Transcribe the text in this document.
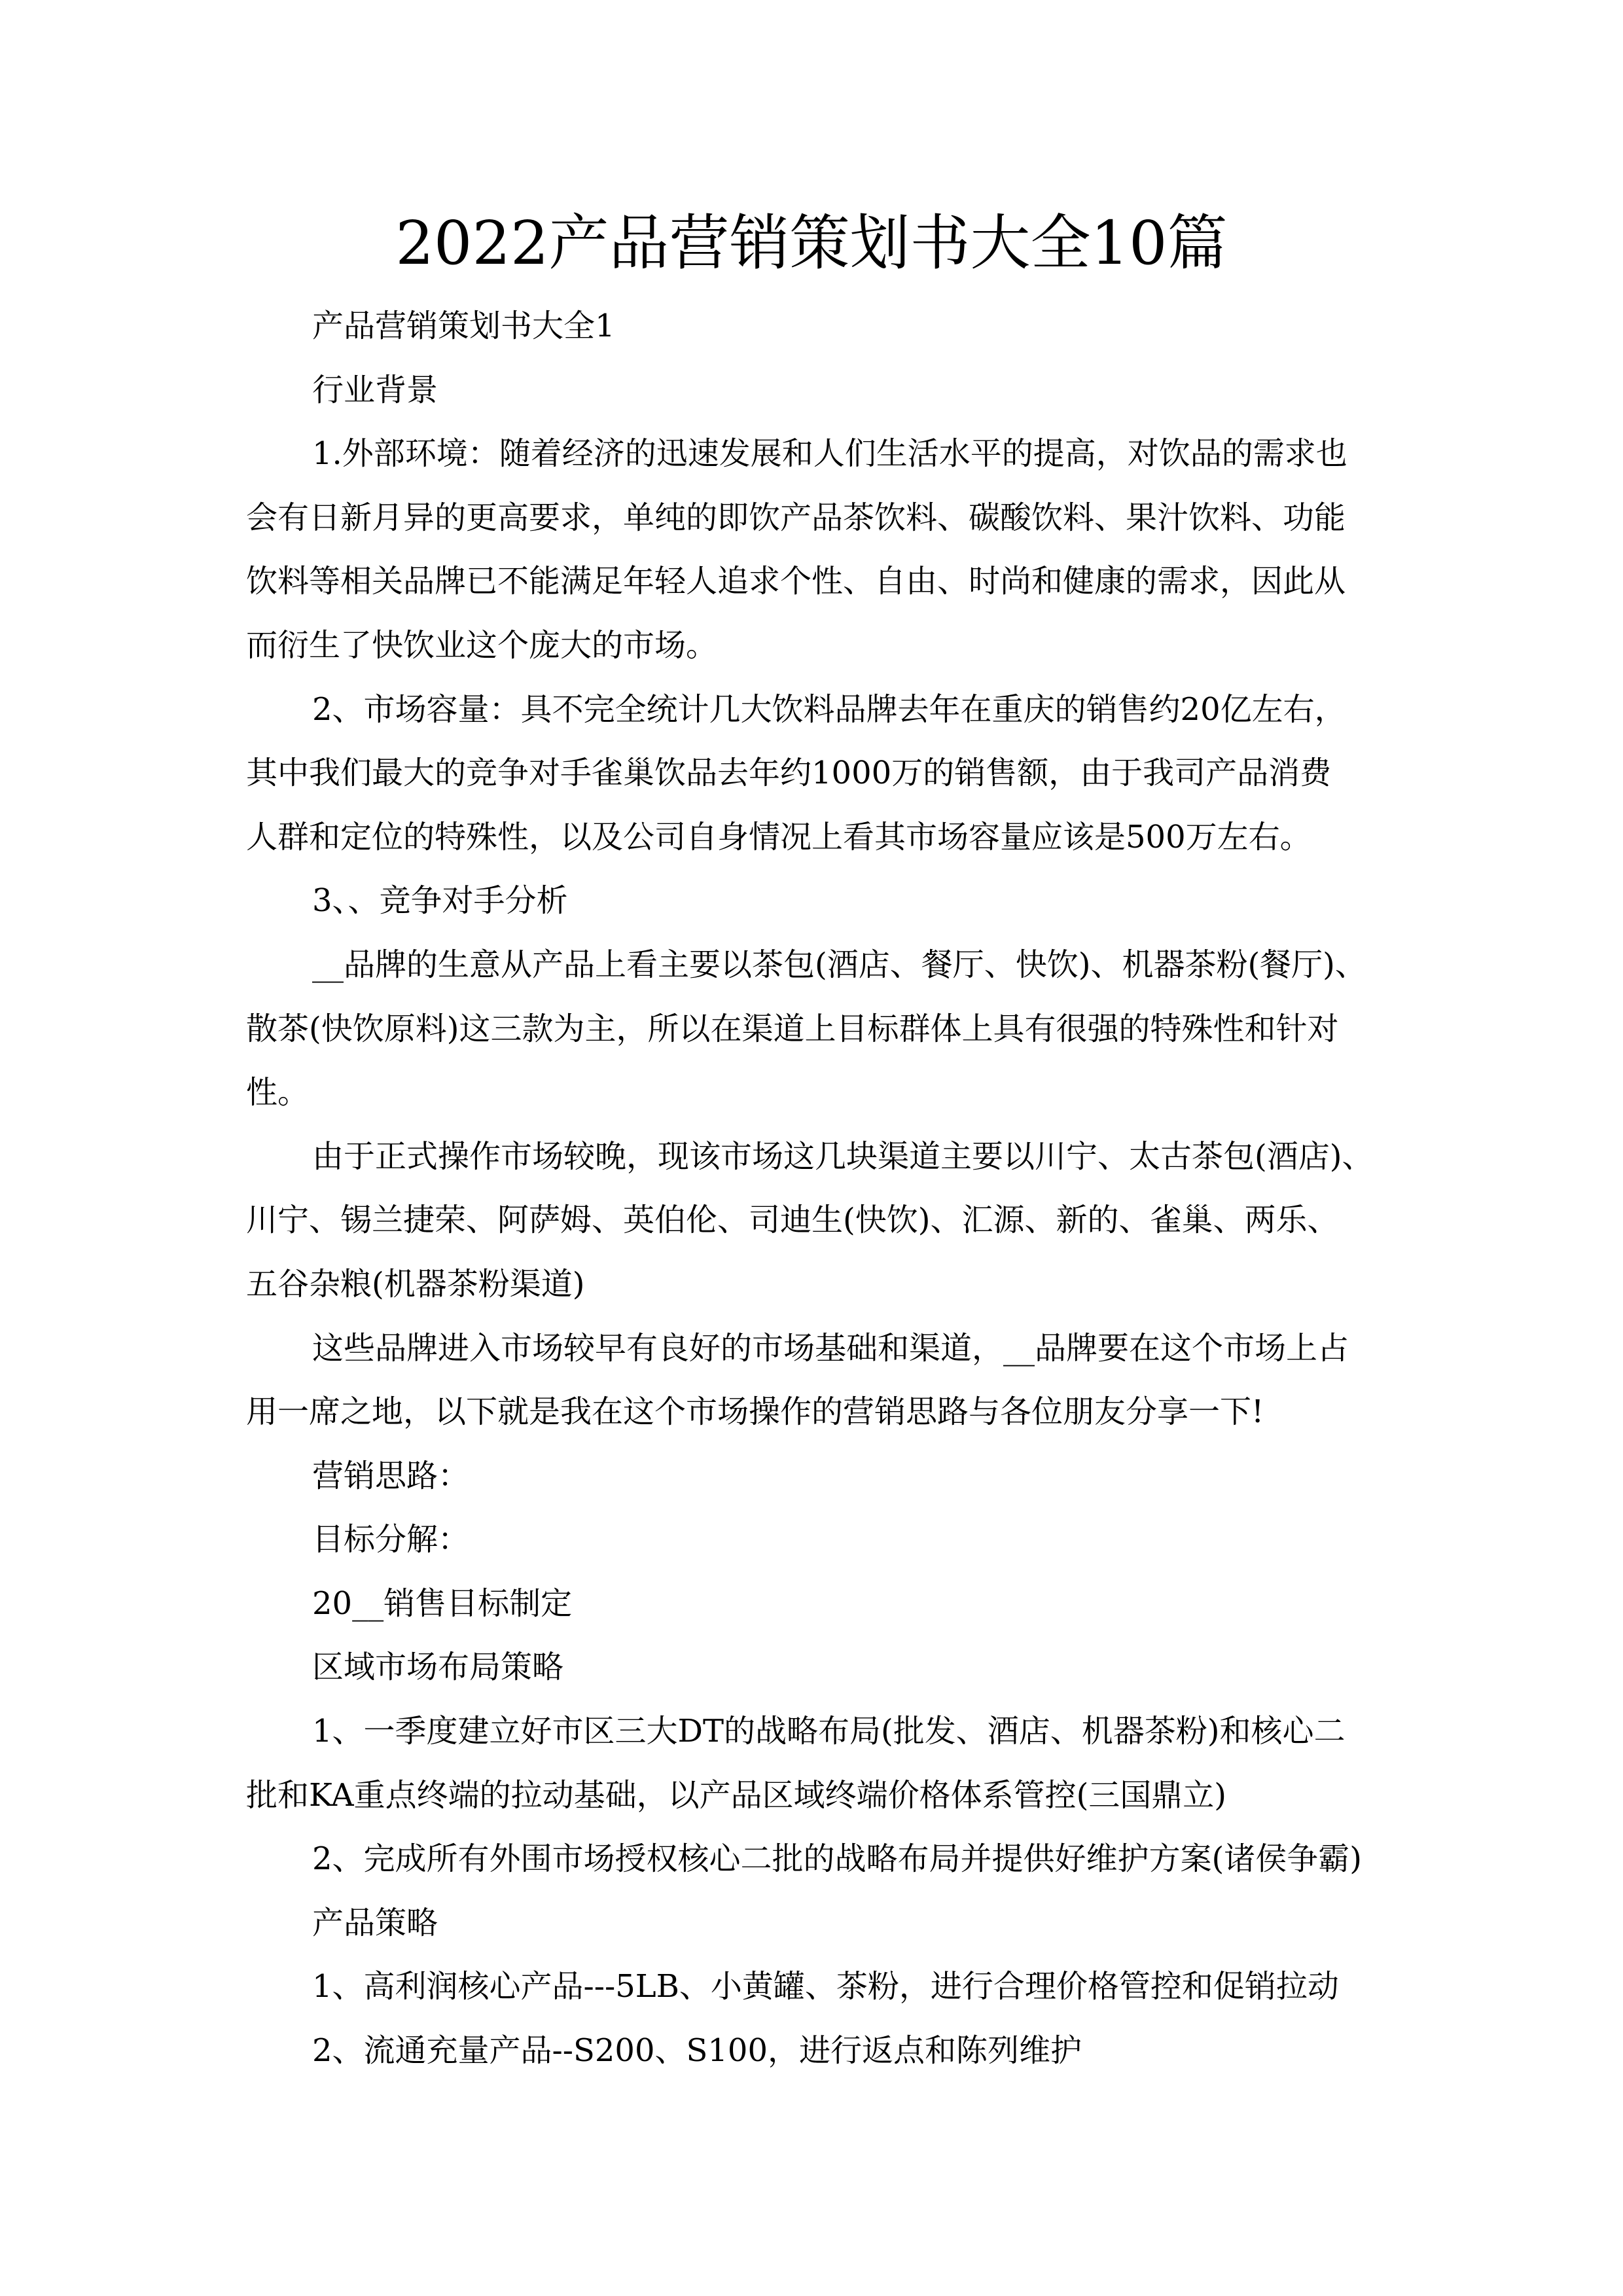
2022产品营销策划书大全10篇
产品营销策划书大全1
行业背景
1.外部环境：随着经济的迅速发展和人们生活水平的提高，对饮品的需求也
会有日新月异的更高要求，单纯的即饮产品茶饮料、碳酸饮料、果汁饮料、功能
饮料等相关品牌已不能满足年轻人追求个性、自由、时尚和健康的需求，因此从
而衍生了快饮业这个庞大的市场。
2、市场容量：具不完全统计几大饮料品牌去年在重庆的销售约20亿左右，
其中我们最大的竞争对手雀巢饮品去年约1000万的销售额，由于我司产品消费
人群和定位的特殊性，以及公司自身情况上看其市场容量应该是500万左右。
3、、竞争对手分析
__品牌的生意从产品上看主要以茶包(酒店、餐厅、快饮)、机器茶粉(餐厅)、
散茶(快饮原料)这三款为主，所以在渠道上目标群体上具有很强的特殊性和针对
性。
由于正式操作市场较晚，现该市场这几块渠道主要以川宁、太古茶包(酒店)、
川宁、锡兰捷荣、阿萨姆、英伯伦、司迪生(快饮)、汇源、新的、雀巢、两乐、
五谷杂粮(机器茶粉渠道)
这些品牌进入市场较早有良好的市场基础和渠道，__品牌要在这个市场上占
用一席之地，以下就是我在这个市场操作的营销思路与各位朋友分享一下!
营销思路：
目标分解：
20__销售目标制定
区域市场布局策略
1、一季度建立好市区三大DT的战略布局(批发、酒店、机器茶粉)和核心二
批和KA重点终端的拉动基础，以产品区域终端价格体系管控(三国鼎立)
2、完成所有外围市场授权核心二批的战略布局并提供好维护方案(诸侯争霸)
产品策略
1、高利润核心产品---5LB、小黄罐、茶粉，进行合理价格管控和促销拉动
2、流通充量产品--S200、S100，进行返点和陈列维护
